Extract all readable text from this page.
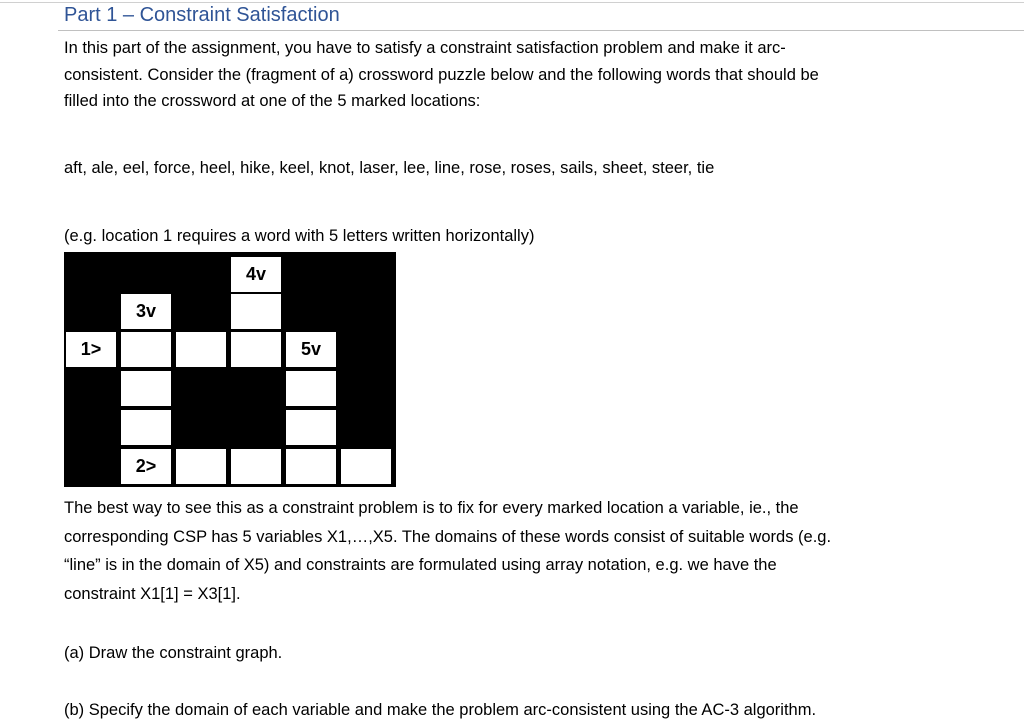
Part 1 – Constraint Satisfaction
In this part of the assignment, you have to satisfy a constraint satisfaction problem and make it arc-
consistent. Consider the (fragment of a) crossword puzzle below and the following words that should be
filled into the crossword at one of the 5 marked locations:
aft, ale, eel, force, heel, hike, keel, knot, laser, lee, line, rose, roses, sails, sheet, steer, tie
(e.g. location 1 requires a word with 5 letters written horizontally)
4v
3v
1>	5v
2>
The best way to see this as a constraint problem is to fix for every marked location a variable, ie., the
corresponding CSP has 5 variables X1,…,X5. The domains of these words consist of suitable words (e.g.
“line” is in the domain of X5) and constraints are formulated using array notation, e.g. we have the
constraint X1[1] = X3[1].
(a) Draw the constraint graph.
(b) Specify the domain of each variable and make the problem arc-consistent using the AC-3 algorithm.
